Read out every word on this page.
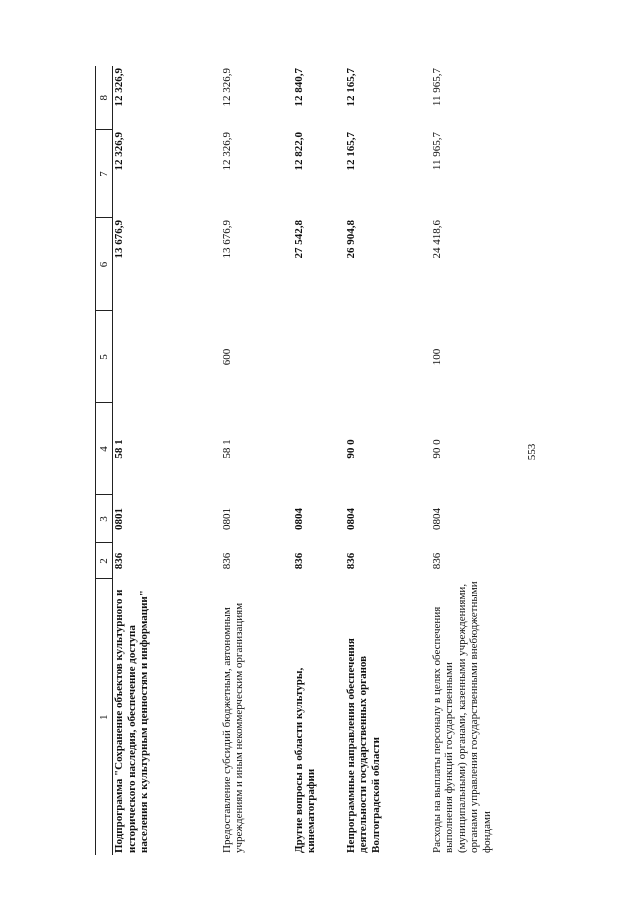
553
1	2	3	4	5	6	7	8
Подпрограмма "Сохранение объектов культурного и исторического наследия, обеспечение доступа населения к культурным ценностям и информации"	836	0801	58 1		13 676,9	12 326,9	12 326,9
Предоставление субсидий бюджетным, автономным учреждениям и иным некоммерческим организациям	836	0801	58 1	600	13 676,9	12 326,9	12 326,9
Другие вопросы в области культуры, кинематографии	836	0804			27 542,8	12 822,0	12 840,7
Непрограммные направления обеспечения деятельности государственных органов Волгоградской области	836	0804	90 0		26 904,8	12 165,7	12 165,7
Расходы на выплаты персоналу в целях обеспечения выполнения функций государственными (муниципальными) органами, казенными учреждениями, органами управления государственными внебюджетными фондами	836	0804	90 0	100	24 418,6	11 965,7	11 965,7
